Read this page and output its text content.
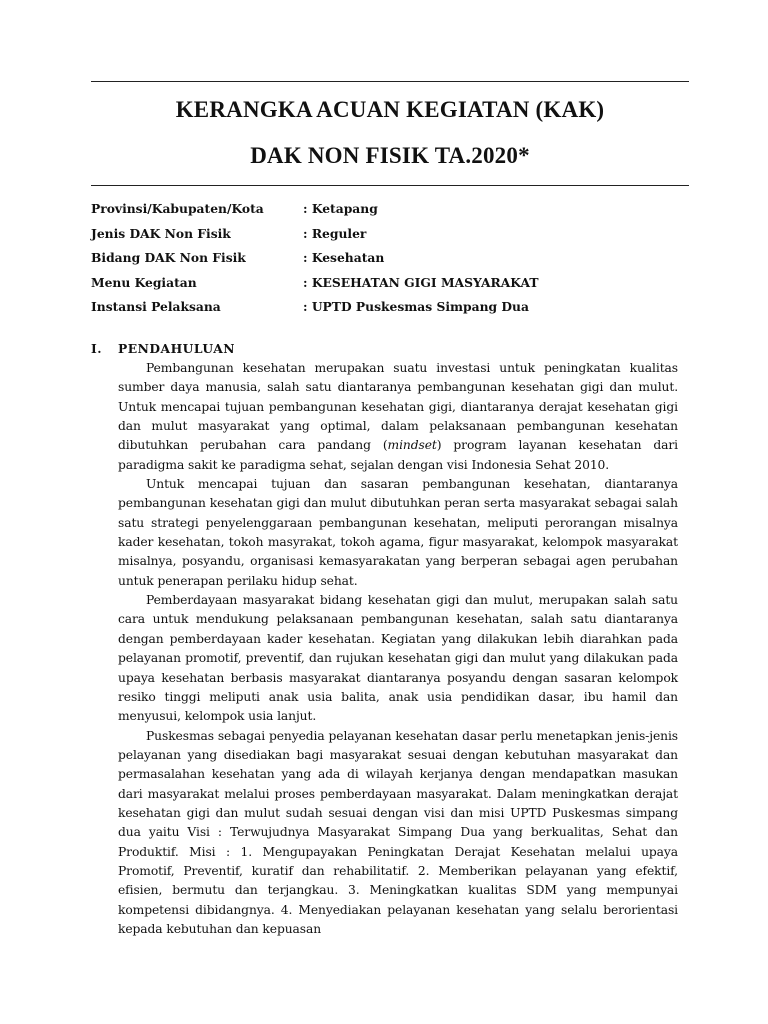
KERANGKA ACUAN KEGIATAN (KAK)
DAK NON FISIK TA.2020*
Provinsi/Kabupaten/Kota	: Ketapang
Jenis DAK Non Fisik	: Reguler
Bidang DAK Non Fisik	: Kesehatan
Menu Kegiatan	: KESEHATAN GIGI MASYARAKAT
Instansi Pelaksana	: UPTD Puskesmas Simpang Dua
I. PENDAHULUAN

Pembangunan kesehatan merupakan suatu investasi untuk peningkatan kualitas sumber daya manusia, salah satu diantaranya pembangunan kesehatan gigi dan mulut. Untuk mencapai tujuan pembangunan kesehatan gigi, diantaranya derajat kesehatan gigi dan mulut masyarakat yang optimal, dalam pelaksanaan pembangunan kesehatan dibutuhkan perubahan cara pandang (mindset) program layanan kesehatan dari paradigma sakit ke paradigma sehat, sejalan dengan visi Indonesia Sehat 2010.

Untuk mencapai tujuan dan sasaran pembangunan kesehatan, diantaranya pembangunan kesehatan gigi dan mulut dibutuhkan peran serta masyarakat sebagai salah satu strategi penyelenggaraan pembangunan kesehatan, meliputi perorangan misalnya kader kesehatan, tokoh masyrakat, tokoh agama, figur masyarakat, kelompok masyarakat misalnya, posyandu, organisasi kemasyarakatan yang berperan sebagai agen perubahan untuk penerapan perilaku hidup sehat.

Pemberdayaan masyarakat bidang kesehatan gigi dan mulut, merupakan salah satu cara untuk mendukung pelaksanaan pembangunan kesehatan, salah satu diantaranya dengan pemberdayaan kader kesehatan. Kegiatan yang dilakukan lebih diarahkan pada pelayanan promotif, preventif, dan rujukan kesehatan gigi dan mulut yang dilakukan pada upaya kesehatan berbasis masyarakat diantaranya posyandu dengan sasaran kelompok resiko tinggi meliputi anak usia balita, anak usia pendidikan dasar, ibu hamil dan menyusui, kelompok usia lanjut.

Puskesmas sebagai penyedia pelayanan kesehatan dasar perlu menetapkan jenis-jenis pelayanan yang disediakan bagi masyarakat sesuai dengan kebutuhan masyarakat dan permasalahan kesehatan yang ada di wilayah kerjanya dengan mendapatkan masukan dari masyarakat melalui proses pemberdayaan masyarakat. Dalam meningkatkan derajat kesehatan gigi dan mulut sudah sesuai dengan visi dan misi UPTD Puskesmas simpang dua yaitu Visi : Terwujudnya Masyarakat Simpang Dua yang berkualitas, Sehat dan Produktif. Misi : 1. Mengupayakan Peningkatan Derajat Kesehatan melalui upaya Promotif, Preventif, kuratif dan rehabilitatif. 2. Memberikan pelayanan yang efektif, efisien, bermutu dan terjangkau. 3. Meningkatkan kualitas SDM yang mempunyai kompetensi dibidangnya. 4. Menyediakan pelayanan kesehatan yang selalu berorientasi kepada kebutuhan dan kepuasan
